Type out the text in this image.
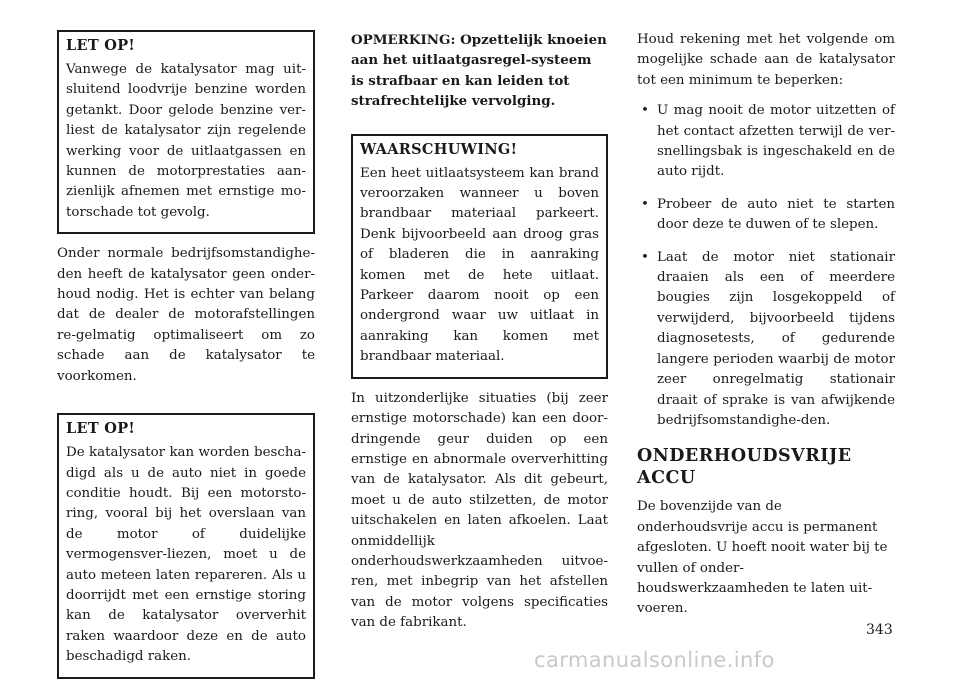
LET OP!

Vanwege de katalysator mag uit-sluitend loodvrije benzine worden getankt. Door gelode benzine ver-liest de katalysator zijn regelende werking voor de uitlaatgassen en kunnen de motorprestaties aan-zienlijk afnemen met ernstige mo-torschade tot gevolg.

Onder normale bedrijfsomstandighe-den heeft de katalysator geen onder-houd nodig. Het is echter van belang dat de dealer de motorafstellingen re-gelmatig optimaliseert om zo schade aan de katalysator te voorkomen.

LET OP!

De katalysator kan worden bescha-digd als u de auto niet in goede conditie houdt. Bij een motorsto-ring, vooral bij het overslaan van de motor of duidelijke vermogensver-liezen, moet u de auto meteen laten repareren. Als u doorrijdt met een ernstige storing kan de katalysator oververhit raken waardoor deze en de auto beschadigd raken.

OPMERKING: Opzettelijk knoeien aan het uitlaatgasregel-systeem is strafbaar en kan leiden tot strafrechtelijke vervolging.

WAARSCHUWING!

Een heet uitlaatsysteem kan brand veroorzaken wanneer u boven brandbaar materiaal parkeert. Denk bijvoorbeeld aan droog gras of bladeren die in aanraking komen met de hete uitlaat. Parkeer daarom nooit op een ondergrond waar uw uitlaat in aanraking kan komen met brandbaar materiaal.

In uitzonderlijke situaties (bij zeer ernstige motorschade) kan een door-dringende geur duiden op een ernstige en abnormale oververhitting van de katalysator. Als dit gebeurt, moet u de auto stilzetten, de motor uitschakelen en laten afkoelen. Laat onmiddellijk onderhoudswerkzaamheden uitvoe-ren, met inbegrip van het afstellen van de motor volgens specificaties van de fabrikant.

Houd rekening met het volgende om mogelijke schade aan de katalysator tot een minimum te beperken:

• U mag nooit de motor uitzetten of het contact afzetten terwijl de ver-snellingsbak is ingeschakeld en de auto rijdt.
• Probeer de auto niet te starten door deze te duwen of te slepen.
• Laat de motor niet stationair draaien als een of meerdere bougies zijn losgekoppeld of verwijderd, bijvoorbeeld tijdens diagnosetests, of gedurende langere perioden waarbij de motor zeer onregelmatig stationair draait of sprake is van afwijkende bedrijfsomstandighe-den.
ONDERHOUDSVRIJE ACCU

De bovenzijde van de onderhoudsvrije accu is permanent afgesloten. U hoeft nooit water bij te vullen of onder-houdswerkzaamheden te laten uit-voeren.

343
carmanualsonline.info
